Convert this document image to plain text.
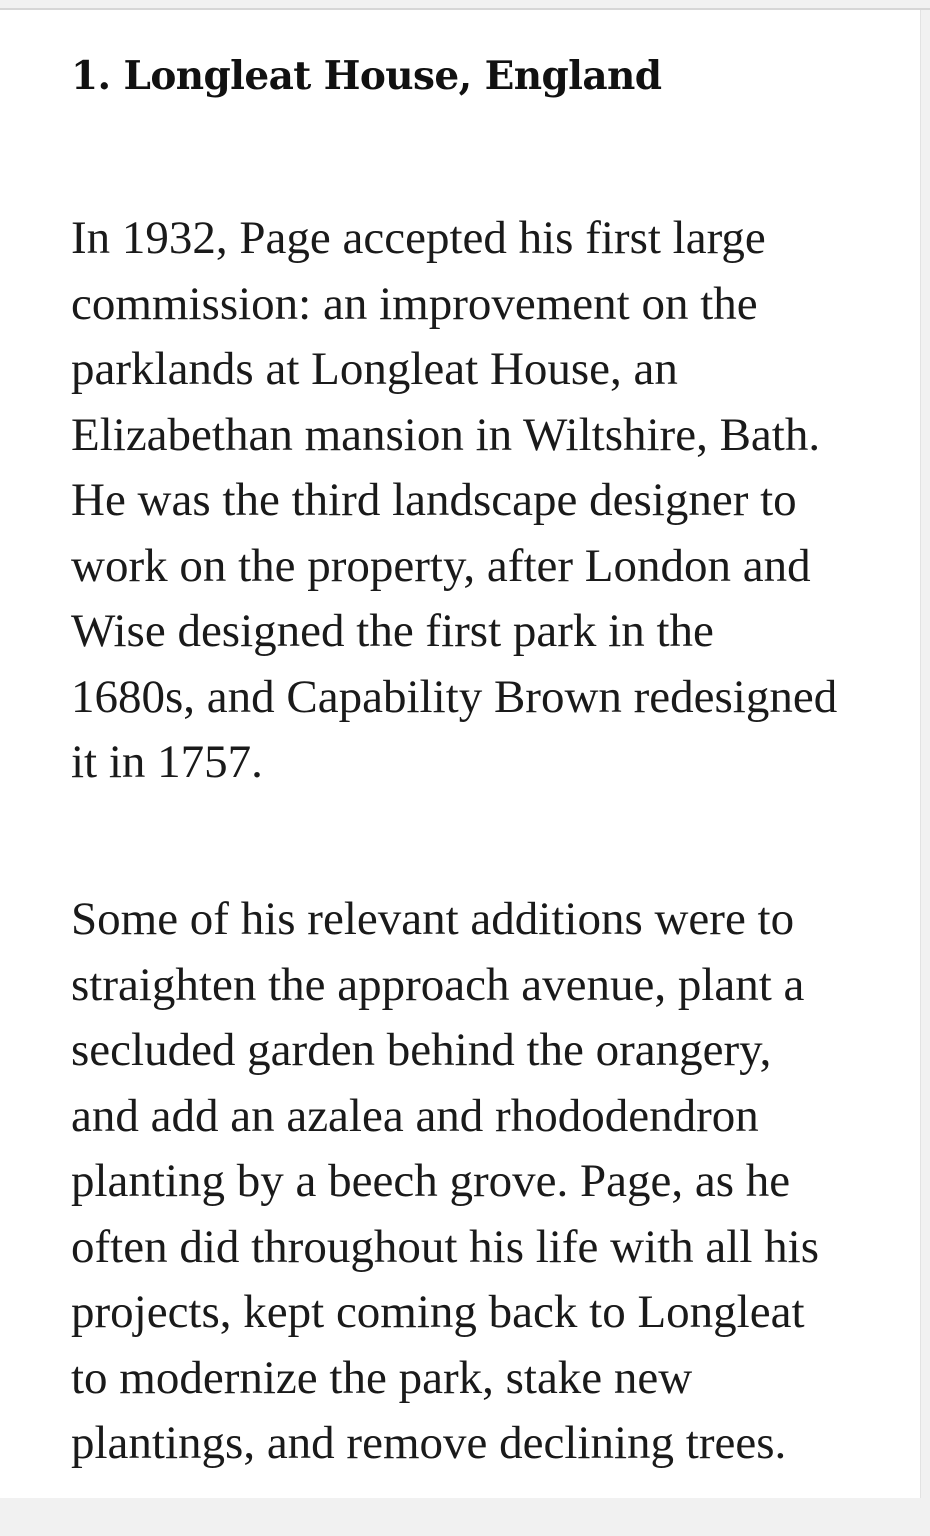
1. Longleat House, England

In 1932, Page accepted his first large
commission: an improvement on the
parklands at Longleat House, an
Elizabethan mansion in Wiltshire, Bath.
He was the third landscape designer to
work on the property, after London and
Wise designed the first park in the
1680s, and Capability Brown redesigned
it in 1757.

Some of his relevant additions were to
straighten the approach avenue, plant a
secluded garden behind the orangery,
and add an azalea and rhododendron
planting by a beech grove. Page, as he
often did throughout his life with all his
projects, kept coming back to Longleat
to modernize the park, stake new
plantings, and remove declining trees.
